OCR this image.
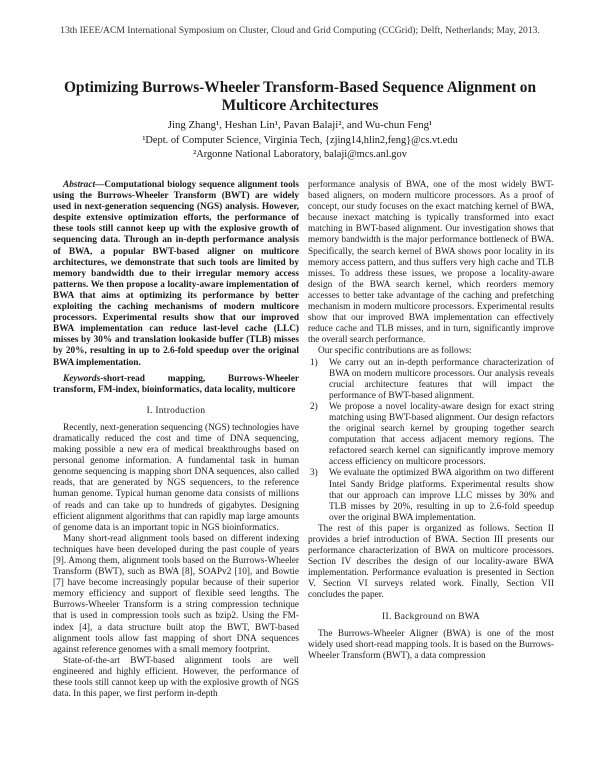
13th IEEE/ACM International Symposium on Cluster, Cloud and Grid Computing (CCGrid); Delft, Netherlands; May, 2013.
Optimizing Burrows-Wheeler Transform-Based Sequence Alignment on Multicore Architectures
Jing Zhang¹, Heshan Lin¹, Pavan Balaji², and Wu-chun Feng¹
¹Dept. of Computer Science, Virginia Tech, {zjing14,hlin2,feng}@cs.vt.edu
²Argonne National Laboratory, balaji@mcs.anl.gov

Abstract—Computational biology sequence alignment tools using the Burrows-Wheeler Transform (BWT) are widely used in next-generation sequencing (NGS) analysis. However, despite extensive optimization efforts, the performance of these tools still cannot keep up with the explosive growth of sequencing data. Through an in-depth performance analysis of BWA, a popular BWT-based aligner on multicore architectures, we demonstrate that such tools are limited by memory bandwidth due to their irregular memory access patterns. We then propose a locality-aware implementation of BWA that aims at optimizing its performance by better exploiting the caching mechanisms of modern multicore processors. Experimental results show that our improved BWA implementation can reduce last-level cache (LLC) misses by 30% and translation lookaside buffer (TLB) misses by 20%, resulting in up to 2.6-fold speedup over the original BWA implementation.

Keywords-short-read mapping, Burrows-Wheeler transform, FM-index, bioinformatics, data locality, multicore

I. Introduction

Recently, next-generation sequencing (NGS) technologies have dramatically reduced the cost and time of DNA sequencing, making possible a new era of medical breakthroughs based on personal genome information. A fundamental task in human genome sequencing is mapping short DNA sequences, also called reads, that are generated by NGS sequencers, to the reference human genome. Typical human genome data consists of millions of reads and can take up to hundreds of gigabytes. Designing efficient alignment algorithms that can rapidly map large amounts of genome data is an important topic in NGS bioinformatics.

Many short-read alignment tools based on different indexing techniques have been developed during the past couple of years [9]. Among them, alignment tools based on the Burrows-Wheeler Transform (BWT), such as BWA [8], SOAPv2 [10], and Bowtie [7] have become increasingly popular because of their superior memory efficiency and support of flexible seed lengths. The Burrows-Wheeler Transform is a string compression technique that is used in compression tools such as bzip2. Using the FM-index [4], a data structure built atop the BWT, BWT-based alignment tools allow fast mapping of short DNA sequences against reference genomes with a small memory footprint.

State-of-the-art BWT-based alignment tools are well engineered and highly efficient. However, the performance of these tools still cannot keep up with the explosive growth of NGS data. In this paper, we first perform in-depth

performance analysis of BWA, one of the most widely BWT-based aligners, on modern multicore processors. As a proof of concept, our study focuses on the exact matching kernel of BWA, because inexact matching is typically transformed into exact matching in BWT-based alignment. Our investigation shows that memory bandwidth is the major performance bottleneck of BWA. Specifically, the search kernel of BWA shows poor locality in its memory access pattern, and thus suffers very high cache and TLB misses. To address these issues, we propose a locality-aware design of the BWA search kernel, which reorders memory accesses to better take advantage of the caching and prefetching mechanism in modern multicore processors. Experimental results show that our improved BWA implementation can effectively reduce cache and TLB misses, and in turn, significantly improve the overall search performance.

Our specific contributions are as follows:

1) We carry out an in-depth performance characterization of BWA on modern multicore processors. Our analysis reveals crucial architecture features that will impact the performance of BWT-based alignment.
2) We propose a novel locality-aware design for exact string matching using BWT-based alignment. Our design refactors the original search kernel by grouping together search computation that access adjacent memory regions. The refactored search kernel can significantly improve memory access efficiency on multicore processors.
3) We evaluate the optimized BWA algorithm on two different Intel Sandy Bridge platforms. Experimental results show that our approach can improve LLC misses by 30% and TLB misses by 20%, resulting in up to 2.6-fold speedup over the original BWA implementation.

The rest of this paper is organized as follows. Section II provides a brief introduction of BWA. Section III presents our performance characterization of BWA on multicore processors. Section IV describes the design of our locality-aware BWA implementation. Performance evaluation is presented in Section V. Section VI surveys related work. Finally, Section VII concludes the paper.

II. Background on BWA

The Burrows-Wheeler Aligner (BWA) is one of the most widely used short-read mapping tools. It is based on the Burrows-Wheeler Transform (BWT), a data compression
